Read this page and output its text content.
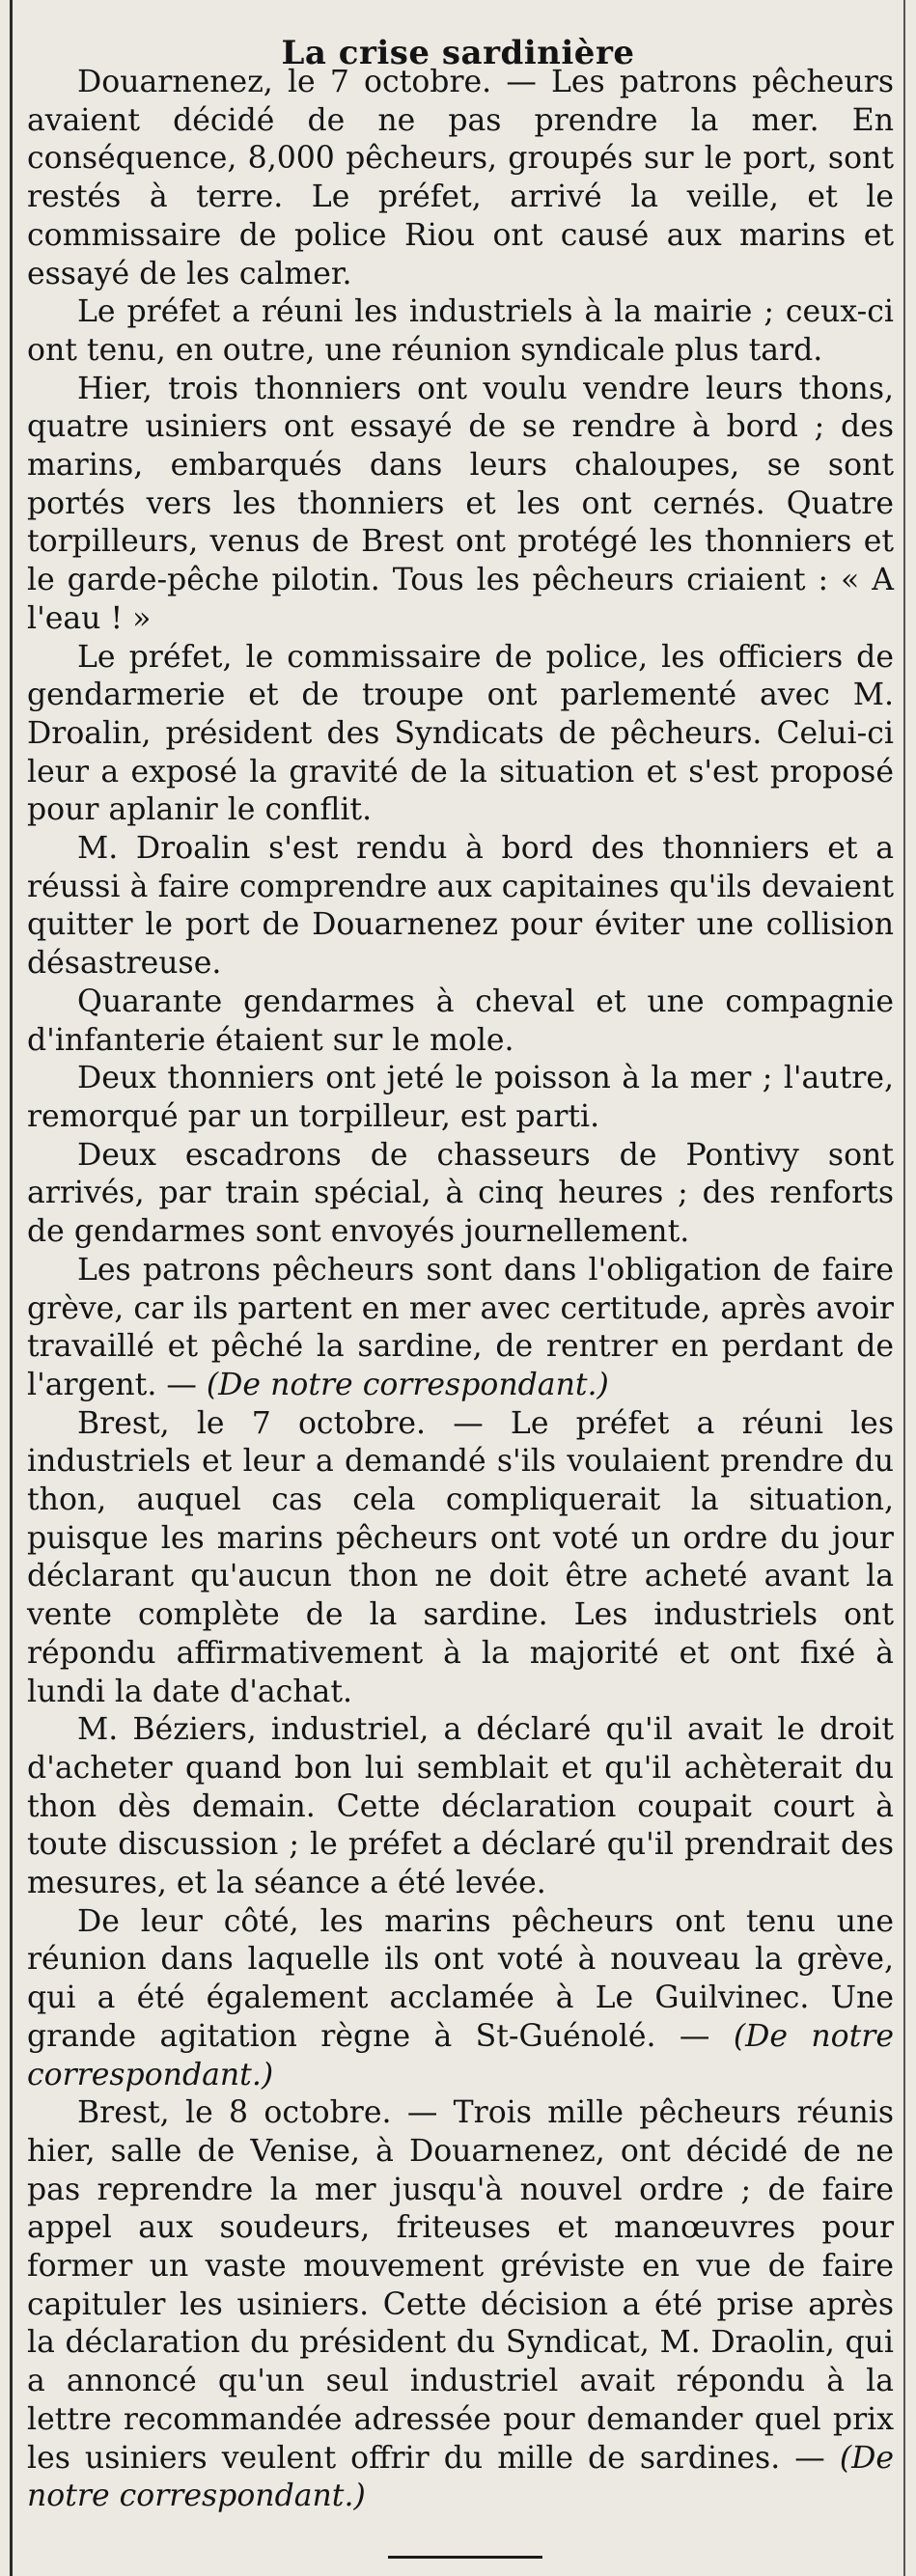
La crise sardinière

Douarnenez, le 7 octobre. — Les patrons pêcheurs avaient décidé de ne pas prendre la mer. En conséquence, 8,000 pêcheurs, groupés sur le port, sont restés à terre. Le préfet, arrivé la veille, et le commissaire de police Riou ont causé aux marins et essayé de les calmer.

Le préfet a réuni les industriels à la mairie ; ceux-ci ont tenu, en outre, une réunion syndicale plus tard.

Hier, trois thonniers ont voulu vendre leurs thons, quatre usiniers ont essayé de se rendre à bord ; des marins, embarqués dans leurs chaloupes, se sont portés vers les thonniers et les ont cernés. Quatre torpilleurs, venus de Brest ont protégé les thonniers et le garde-pêche pilotin. Tous les pêcheurs criaient : « A l'eau ! »

Le préfet, le commissaire de police, les officiers de gendarmerie et de troupe ont parlementé avec M. Droalin, président des Syndicats de pêcheurs. Celui-ci leur a exposé la gravité de la situation et s'est proposé pour aplanir le conflit.

M. Droalin s'est rendu à bord des thonniers et a réussi à faire comprendre aux capitaines qu'ils devaient quitter le port de Douarnenez pour éviter une collision désastreuse.

Quarante gendarmes à cheval et une compagnie d'infanterie étaient sur le mole.

Deux thonniers ont jeté le poisson à la mer ; l'autre, remorqué par un torpilleur, est parti.

Deux escadrons de chasseurs de Pontivy sont arrivés, par train spécial, à cinq heures ; des renforts de gendarmes sont envoyés journellement.

Les patrons pêcheurs sont dans l'obligation de faire grève, car ils partent en mer avec certitude, après avoir travaillé et pêché la sardine, de rentrer en perdant de l'argent. — (De notre correspondant.)

Brest, le 7 octobre. — Le préfet a réuni les industriels et leur a demandé s'ils voulaient prendre du thon, auquel cas cela compliquerait la situation, puisque les marins pêcheurs ont voté un ordre du jour déclarant qu'aucun thon ne doit être acheté avant la vente complète de la sardine. Les industriels ont répondu affirmativement à la majorité et ont fixé à lundi la date d'achat.

M. Béziers, industriel, a déclaré qu'il avait le droit d'acheter quand bon lui semblait et qu'il achèterait du thon dès demain. Cette déclaration coupait court à toute discussion ; le préfet a déclaré qu'il prendrait des mesures, et la séance a été levée.

De leur côté, les marins pêcheurs ont tenu une réunion dans laquelle ils ont voté à nouveau la grève, qui a été également acclamée à Le Guilvinec. Une grande agitation règne à St-Guénolé. — (De notre correspondant.)

Brest, le 8 octobre. — Trois mille pêcheurs réunis hier, salle de Venise, à Douarnenez, ont décidé de ne pas reprendre la mer jusqu'à nouvel ordre ; de faire appel aux soudeurs, friteuses et manœuvres pour former un vaste mouvement gréviste en vue de faire capituler les usiniers. Cette décision a été prise après la déclaration du président du Syndicat, M. Draolin, qui a annoncé qu'un seul industriel avait répondu à la lettre recommandée adressée pour demander quel prix les usiniers veulent offrir du mille de sardines. — (De notre correspondant.)
